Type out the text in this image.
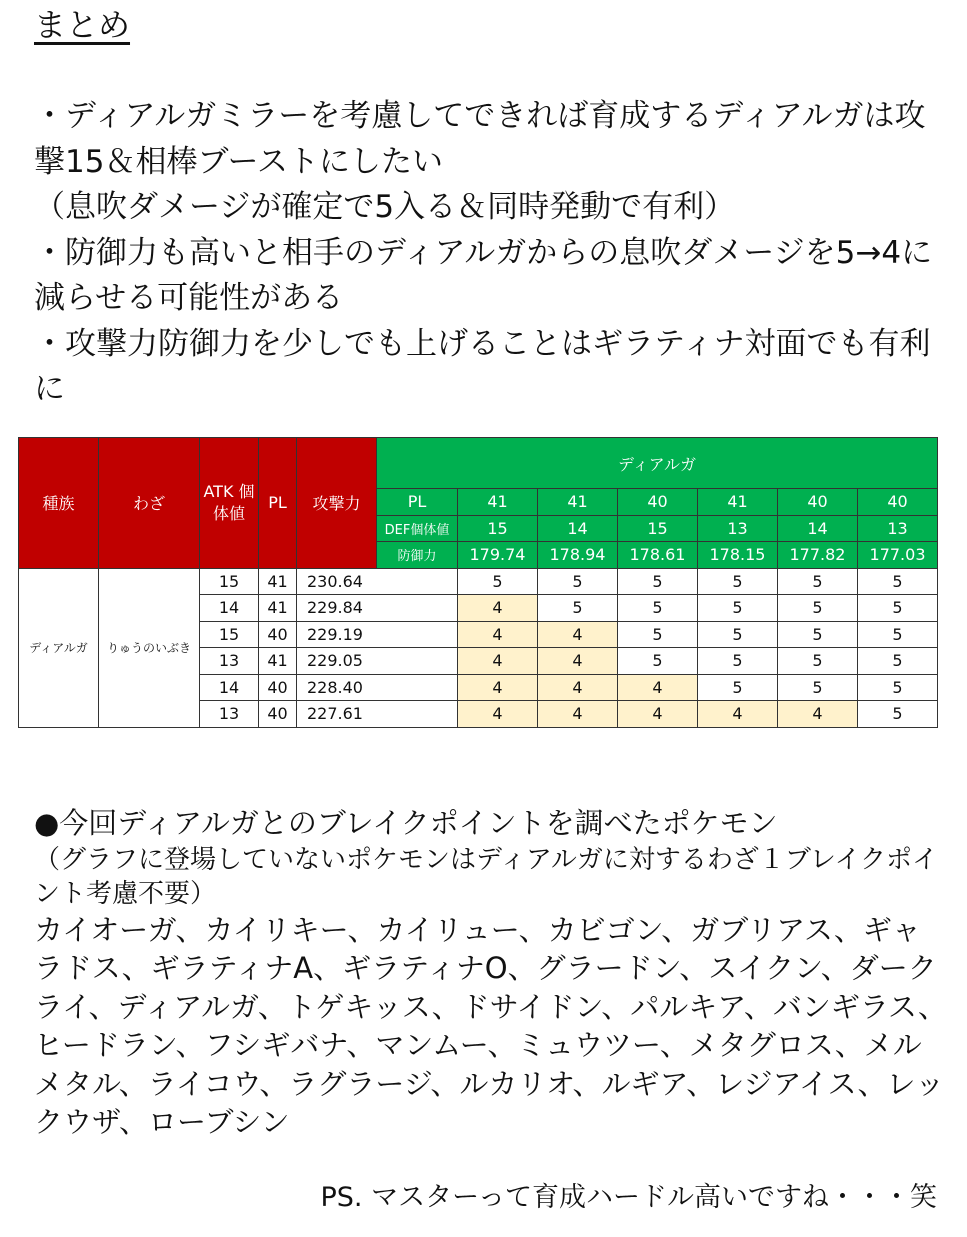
まとめ

・ディアルガミラーを考慮してできれば育成するディアルガは攻撃15＆相棒ブーストにしたい

（息吹ダメージが確定で5入る＆同時発動で有利）

・防御力も高いと相手のディアルガからの息吹ダメージを5→4に減らせる可能性がある

・攻撃力防御力を少しでも上げることはギラティナ対面でも有利に

種族	わざ	ATK 個体値	PL	攻撃力	ディアルガ						
					PL	41	41	40	41	40	40
					DEF個体値	15	14	15	13	14	13
					防御力	179.74	178.94	178.61	178.15	177.82	177.03
ディアルガ	りゅうのいぶき	15	41	230.64		5	5	5	5	5	5
		14	41	229.84		4	5	5	5	5	5
		15	40	229.19		4	4	5	5	5	5
		13	41	229.05		4	4	5	5	5	5
		14	40	228.40		4	4	4	5	5	5
		13	40	227.61		4	4	4	4	4	5

●今回ディアルガとのブレイクポイントを調べたポケモン

（グラフに登場していないポケモンはディアルガに対するわざ１ブレイクポイント考慮不要）

カイオーガ、カイリキー、カイリュー、カビゴン、ガブリアス、ギャラドス、ギラティナA、ギラティナO、グラードン、スイクン、ダークライ、ディアルガ、トゲキッス、ドサイドン、パルキア、バンギラス、ヒードラン、フシギバナ、マンムー、ミュウツー、メタグロス、メルメタル、ライコウ、ラグラージ、ルカリオ、ルギア、レジアイス、レックウザ、ローブシン

PS. マスターって育成ハードル高いですね・・・笑
